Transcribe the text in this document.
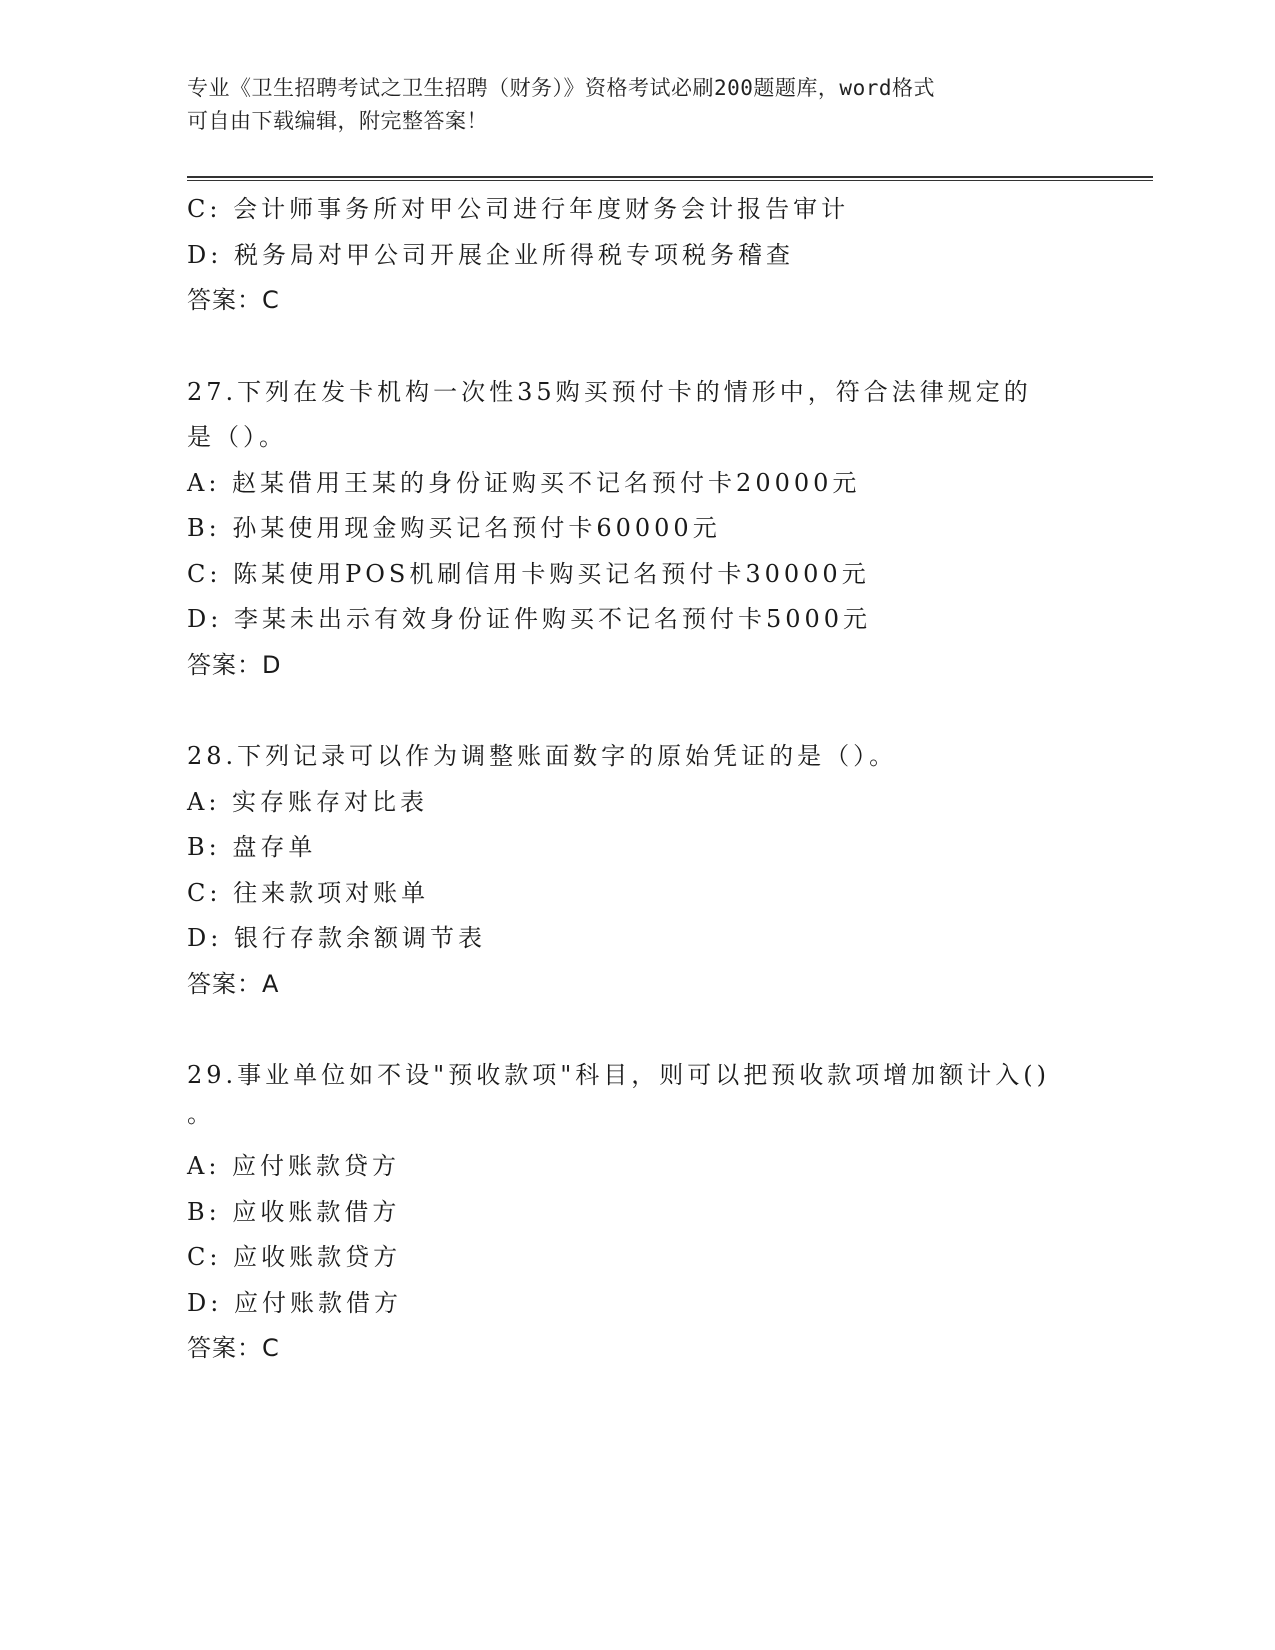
专业《卫生招聘考试之卫生招聘（财务）》资格考试必刷200题题库，word格式
可自由下载编辑，附完整答案！
C: 会计师事务所对甲公司进行年度财务会计报告审计
D: 税务局对甲公司开展企业所得税专项税务稽查
答案：C
27.下列在发卡机构一次性35购买预付卡的情形中，符合法律规定的
是（）。
A: 赵某借用王某的身份证购买不记名预付卡20000元
B: 孙某使用现金购买记名预付卡60000元
C: 陈某使用POS机刷信用卡购买记名预付卡30000元
D: 李某未出示有效身份证件购买不记名预付卡5000元
答案：D
28.下列记录可以作为调整账面数字的原始凭证的是（）。
A: 实存账存对比表
B: 盘存单
C: 往来款项对账单
D: 银行存款余额调节表
答案：A
29.事业单位如不设"预收款项"科目，则可以把预收款项增加额计入()
。
A: 应付账款贷方
B: 应收账款借方
C: 应收账款贷方
D: 应付账款借方
答案：C
